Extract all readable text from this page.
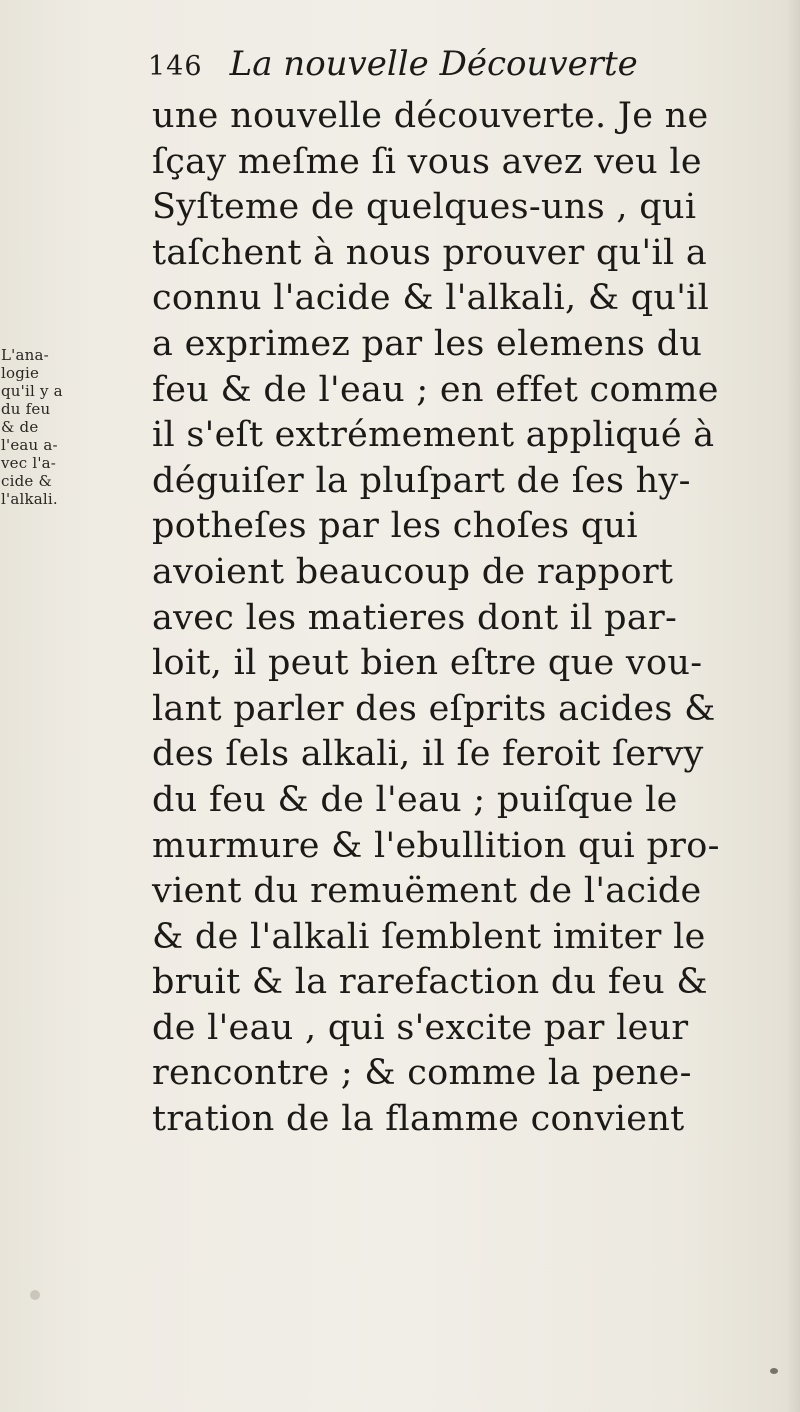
146 La nouvelle Découverte
L'ana-
logie
qu'il y a
du feu
& de
l'eau a-
vec l'a-
cide &
l'alkali.
une nouvelle découverte. Je ne
ſçay meſme ſi vous avez veu le
Syſteme de quelques-uns , qui
taſchent à nous prouver qu'il a
connu l'acide & l'alkali, & qu'il
a exprimez par les elemens du
feu & de l'eau ; en effet comme
il s'eſt extrémement appliqué à
déguiſer la pluſpart de ſes hy-
potheſes par les choſes qui
avoient beaucoup de rapport
avec les matieres dont il par-
loit, il peut bien eſtre que vou-
lant parler des eſprits acides &
des ſels alkali, il ſe feroit ſervy
du feu & de l'eau ; puiſque le
murmure & l'ebullition qui pro-
vient du remuëment de l'acide
& de l'alkali ſemblent imiter le
bruit & la rarefaction du feu &
de l'eau , qui s'excite par leur
rencontre ; & comme la pene-
tration de la flamme convient
